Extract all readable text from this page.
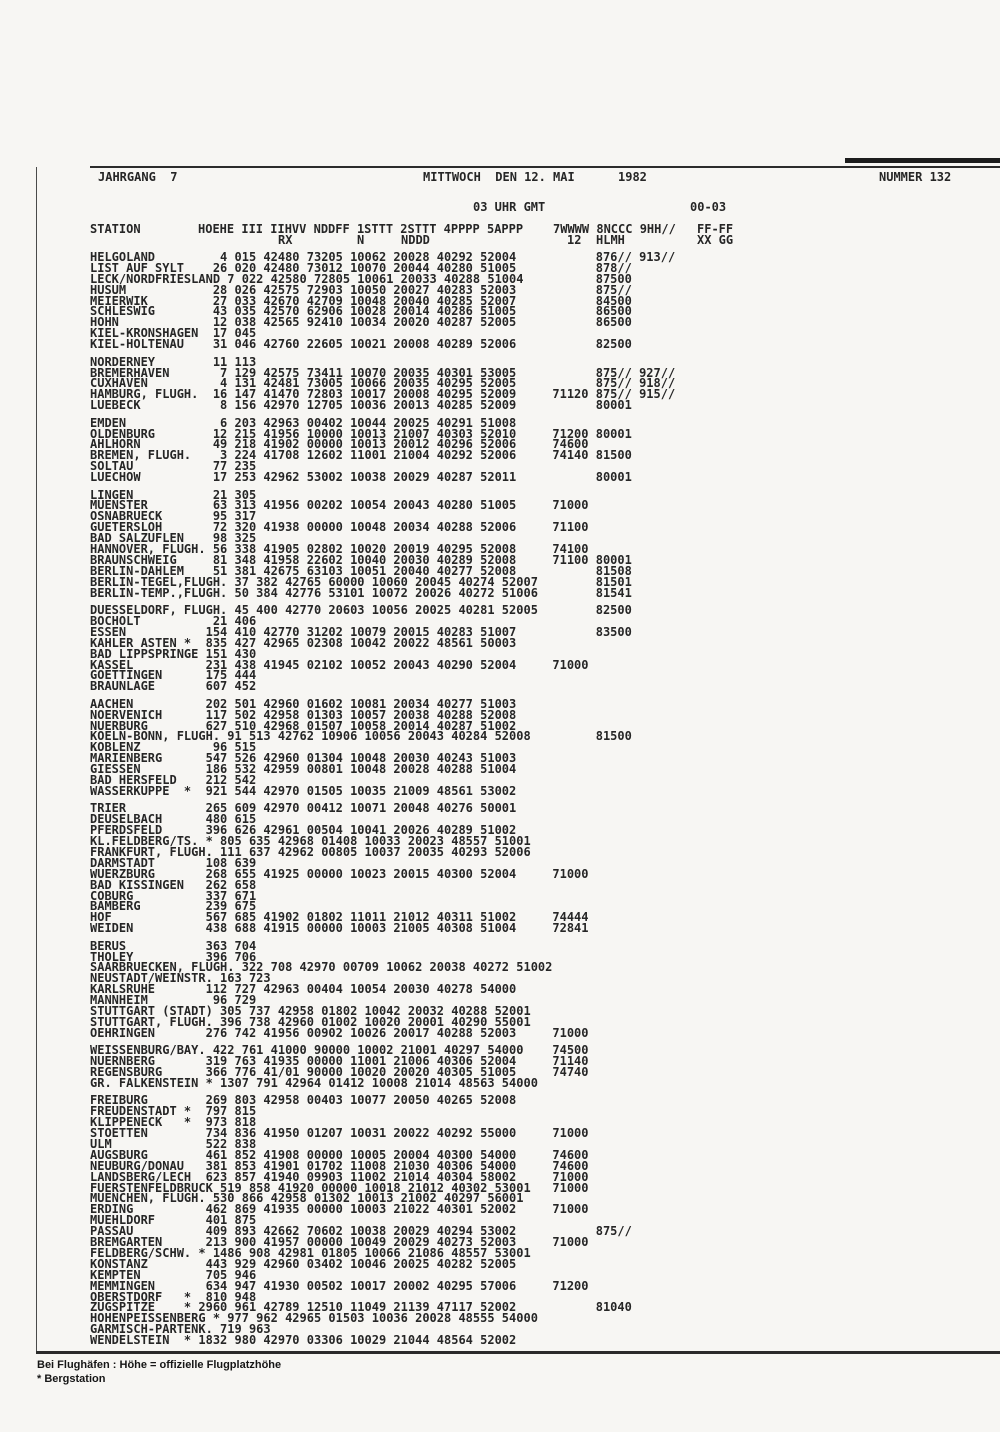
JAHRGANG  7	MITTWOCH  DEN 12. MAI	1982	NUMMER 132
03 UHR GMT	00-03
STATION	HOEHE III IIHVV NDDFF 1STTT 2STTT 4PPPP 5APPP 7WWWW 8NCCC 9HH// FF-FF
RX	N	NDDD	12 HLMH	XX GG
HELGOLAND         4 015 42480 73205 10062 20028 40292 52004           876// 913//
LIST AUF SYLT    26 020 42480 73012 10070 20044 40280 51005           878//
LECK/NORDFRIESLAND 7 022 42580 72805 10061 20033 40288 51004          87500
HUSUM            28 026 42575 72903 10050 20027 40283 52003           875//
MEIERWIK         27 033 42670 42709 10048 20040 40285 52007           84500
SCHLESWIG        43 035 42570 62906 10028 20014 40286 51005           86500
HOHN             12 038 42565 92410 10034 20020 40287 52005           86500
KIEL-KRONSHAGEN  17 045
KIEL-HOLTENAU    31 046 42760 22605 10021 20008 40289 52006           82500
NORDERNEY        11 113
BREMERHAVEN       7 129 42575 73411 10070 20035 40301 53005           875// 927//
CUXHAVEN          4 131 42481 73005 10066 20035 40295 52005           875// 918//
HAMBURG, FLUGH.  16 147 41470 72803 10017 20008 40295 52009     71120 875// 915//
LUEBECK           8 156 42970 12705 10036 20013 40285 52009           80001
EMDEN             6 203 42963 00402 10044 20025 40291 51008
OLDENBURG        12 215 41956 10000 10013 21007 40303 52010     71200 80001
AHLHORN          49 218 41902 00000 10013 20012 40296 52006     74600
BREMEN, FLUGH.    3 224 41708 12602 11001 21004 40292 52006     74140 81500
SOLTAU           77 235
LUECHOW          17 253 42962 53002 10038 20029 40287 52011           80001
LINGEN           21 305
MUENSTER         63 313 41956 00202 10054 20043 40280 51005     71000
OSNABRUECK       95 317
GUETERSLOH       72 320 41938 00000 10048 20034 40288 52006     71100
BAD SALZUFLEN    98 325
HANNOVER, FLUGH. 56 338 41905 02802 10020 20019 40295 52008     74100
BRAUNSCHWEIG     81 348 41958 22602 10040 20030 40289 52008     71100 80001
BERLIN-DAHLEM    51 381 42675 63103 10051 20040 40277 52008           81508
BERLIN-TEGEL,FLUGH. 37 382 42765 60000 10060 20045 40274 52007        81501
BERLIN-TEMP.,FLUGH. 50 384 42776 53101 10072 20026 40272 51006        81541
DUESSELDORF, FLUGH. 45 400 42770 20603 10056 20025 40281 52005        82500
BOCHOLT          21 406
ESSEN           154 410 42770 31202 10079 20015 40283 51007           83500
KAHLER ASTEN *  835 427 42965 02308 10042 20022 48561 50003
BAD LIPPSPRINGE 151 430
KASSEL          231 438 41945 02102 10052 20043 40290 52004     71000
GOETTINGEN      175 444
BRAUNLAGE       607 452
AACHEN          202 501 42960 01602 10081 20034 40277 51003
NOERVENICH      117 502 42958 01303 10057 20038 40288 52008
NUERBURG        627 510 42968 01507 10058 20014 40287 51002
KOELN-BONN, FLUGH. 91 513 42762 10906 10056 20043 40284 52008         81500
KOBLENZ          96 515
MARIENBERG      547 526 42960 01304 10048 20030 40243 51003
GIESSEN         186 532 42959 00801 10048 20028 40288 51004
BAD HERSFELD    212 542
WASSERKUPPE  *  921 544 42970 01505 10035 21009 48561 53002
TRIER           265 609 42970 00412 10071 20048 40276 50001
DEUSELBACH      480 615
PFERDSFELD      396 626 42961 00504 10041 20026 40289 51002
KL.FELDBERG/TS. * 805 635 42968 01408 10033 20023 48557 51001
FRANKFURT, FLUGH. 111 637 42962 00805 10037 20035 40293 52006
DARMSTADT       108 639
WUERZBURG       268 655 41925 00000 10023 20015 40300 52004     71000
BAD KISSINGEN   262 658
COBURG          337 671
BAMBERG         239 675
HOF             567 685 41902 01802 11011 21012 40311 51002     74444
WEIDEN          438 688 41915 00000 10003 21005 40308 51004     72841
BERUS           363 704
THOLEY          396 706
SAARBRUECKEN, FLUGH. 322 708 42970 00709 10062 20038 40272 51002
NEUSTADT/WEINSTR. 163 723
KARLSRUHE       112 727 42963 00404 10054 20030 40278 54000
MANNHEIM         96 729
STUTTGART (STADT) 305 737 42958 01802 10042 20032 40288 52001
STUTTGART, FLUGH. 396 738 42960 01002 10020 20001 40290 55001
OEHRINGEN       276 742 41956 00902 10026 20017 40288 52003     71000
WEISSENBURG/BAY. 422 761 41000 90000 10002 21001 40297 54000    74500
NUERNBERG       319 763 41935 00000 11001 21006 40306 52004     71140
REGENSBURG      366 776 41/01 90000 10020 20020 40305 51005     74740
GR. FALKENSTEIN * 1307 791 42964 01412 10008 21014 48563 54000
FREIBURG        269 803 42958 00403 10077 20050 40265 52008
FREUDENSTADT *  797 815
KLIPPENECK   *  973 818
STOETTEN        734 836 41950 01207 10031 20022 40292 55000     71000
ULM             522 838
AUGSBURG        461 852 41908 00000 10005 20004 40300 54000     74600
NEUBURG/DONAU   381 853 41901 01702 11008 21030 40306 54000     74600
LANDSBERG/LECH  623 857 41940 09903 11002 21014 40304 58002     71000
FUERSTENFELDBRUCK 519 858 41920 00000 10018 21012 40302 53001   71000
MUENCHEN, FLUGH. 530 866 42958 01302 10013 21002 40297 56001
ERDING          462 869 41935 00000 10003 21022 40301 52002     71000
MUEHLDORF       401 875
PASSAU          409 893 42662 70602 10038 20029 40294 53002           875//
BREMGARTEN      213 900 41957 00000 10049 20029 40273 52003     71000
FELDBERG/SCHW. * 1486 908 42981 01805 10066 21086 48557 53001
KONSTANZ        443 929 42960 03402 10046 20025 40282 52005
KEMPTEN         705 946
MEMMINGEN       634 947 41930 00502 10017 20002 40295 57006     71200
OBERSTDORF   *  810 948
ZUGSPITZE    * 2960 961 42789 12510 11049 21139 47117 52002           81040
HOHENPEISSENBERG * 977 962 42965 01503 10036 20028 48555 54000
GARMISCH-PARTENK. 719 963
WENDELSTEIN  * 1832 980 42970 03306 10029 21044 48564 52002
Bei Flughäfen : Höhe = offizielle Flugplatzhöhe
* Bergstation
